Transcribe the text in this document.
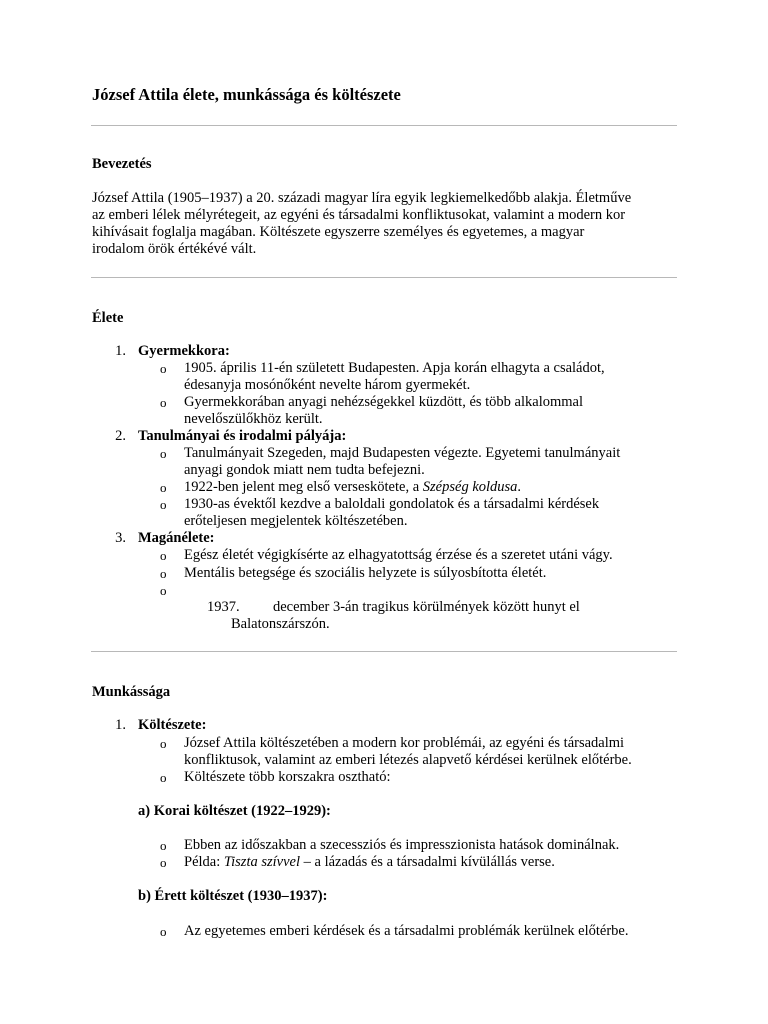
József Attila élete, munkássága és költészete
Bevezetés
József Attila (1905–1937) a 20. századi magyar líra egyik legkiemelkedőbb alakja. Életműve
az emberi lélek mélyrétegeit, az egyéni és társadalmi konfliktusokat, valamint a modern kor
kihívásait foglalja magában. Költészete egyszerre személyes és egyetemes, a magyar
irodalom örök értékévé vált.
Élete
1. Gyermekkora:
o 1905. április 11-én született Budapesten. Apja korán elhagyta a családot,
édesanyja mosónőként nevelte három gyermekét.
o Gyermekkorában anyagi nehézségekkel küzdött, és több alkalommal
nevelőszülőkhöz került.
2. Tanulmányai és irodalmi pályája:
o Tanulmányait Szegeden, majd Budapesten végezte. Egyetemi tanulmányait
anyagi gondok miatt nem tudta befejezni.
o 1922-ben jelent meg első verseskötete, a Szépség koldusa.
o 1930-as évektől kezdve a baloldali gondolatok és a társadalmi kérdések
erőteljesen megjelentek költészetében.
3. Magánélete:
o Egész életét végigkísérte az elhagyatottság érzése és a szeretet utáni vágy.
o Mentális betegsége és szociális helyzete is súlyosbította életét.
o
1937. december 3-án tragikus körülmények között hunyt el
Balatonszárszón.
Munkássága
1. Költészete:
o József Attila költészetében a modern kor problémái, az egyéni és társadalmi
konfliktusok, valamint az emberi létezés alapvető kérdései kerülnek előtérbe.
o Költészete több korszakra osztható:
a) Korai költészet (1922–1929):
o Ebben az időszakban a szecessziós és impresszionista hatások dominálnak.
o Példa: Tiszta szívvel – a lázadás és a társadalmi kívülállás verse.
b) Érett költészet (1930–1937):
o Az egyetemes emberi kérdések és a társadalmi problémák kerülnek előtérbe.
